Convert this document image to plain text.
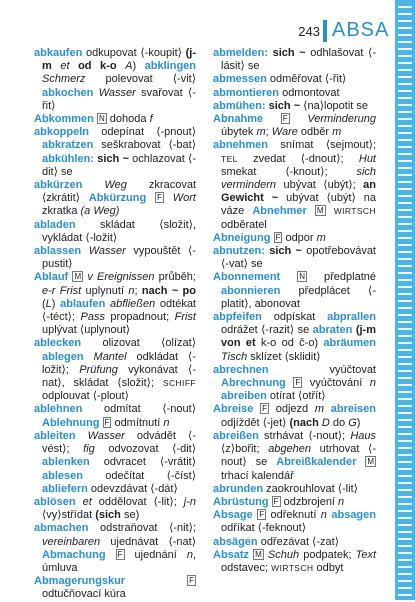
243 ABSA

abkaufen odkupovat ⟨-koupit⟩ (j-m et od k-o A) abklingen Schmerz polevovat ⟨-vit⟩ abkochen Wasser svařovat ⟨-řit⟩

Abkommen N dohoda f

abkoppeln odepínat ⟨-pnout⟩ abkratzen seškrabovat ⟨-bat⟩ abkühlen: sich ~ ochlazovat ⟨-dit⟩ se

abkürzen Weg zkracovat ⟨zkrátit⟩ Abkürzung F Wort zkratka (a Weg)

abladen skládat ⟨složit⟩, vykládat ⟨-ložit⟩

ablassen Wasser vypouštět ⟨-pustit⟩

Ablauf M v Ereignissen průběh; e-r Frist uplynutí n; nach ~ po (L) ablaufen abfließen odtékat ⟨-téct⟩; Pass propadnout; Frist uplývat ⟨uplynout⟩

ablecken olizovat ⟨olízat⟩ ablegen Mantel odkládat ⟨-ložit⟩; Prüfung vykonávat ⟨-nat⟩, skládat ⟨složit⟩; SCHIFF odplouvat ⟨-plout⟩

ablehnen odmítat ⟨-nout⟩ Ablehnung F odmítnutí n

ableiten Wasser odvádět ⟨-vést⟩; fig odvozovat ⟨-dit⟩ ablenken odvracet ⟨-vrátit⟩ ablesen odečítat ⟨-číst⟩ abliefern odevzdávat ⟨-dát⟩

ablösen et oddělovat ⟨-lit⟩; j-n ⟨vy⟩střídat (sich se)

abmachen odstraňovat ⟨-nit⟩; vereinbaren ujednávat ⟨-nat⟩ Abmachung F ujednání n, úmluva

Abmagerungskur	F odtučňovací kúra

abmelden: sich ~ odhlašovat ⟨-lásit⟩ se

abmessen odměřovat ⟨-řit⟩

abmontieren odmontovat

abmühen: sich ~ ⟨na⟩lopotit se

Abnahme F Verminderung úbytek m; Ware odběr m

abnehmen snímat ⟨sejmout⟩; TEL zvedat ⟨-dnout⟩; Hut smekat ⟨-knout⟩; sich vermindern ubývat ⟨ubýt⟩; an Gewicht ~ ubývat ⟨ubýt⟩ na váze Abnehmer M WIRTSCH odběratel

Abneigung F odpor m

abnutzen: sich ~ opotřebovávat ⟨-vat⟩ se

Abonnement N předplatné abonnieren předplácet ⟨-platit⟩, abonovat

abpfeifen odpískat abprallen odrážet ⟨-razit⟩ se abraten (j-m von et k-o od č-o) abräumen Tisch sklízet ⟨sklidit⟩

abrechnen vyúčtovat Abrechnung F vyúčtování n abreiben otírat ⟨otřít⟩

Abreise F odjezd m abreisen odjíždět ⟨-jet⟩ (nach D do G)

abreißen strhávat ⟨-nout⟩; Haus ⟨z⟩bořit; abgehen utrhovat ⟨-nout⟩ se Abreißkalender M trhací kalendář

abrunden zaokrouhlovat ⟨-lit⟩

Abrüstung F odzbrojení n

Absage F odřeknutí n absagen odříkat ⟨-feknout⟩

absägen odřezávat ⟨-zat⟩

Absatz M Schuh podpatek; Text odstavec; WIRTSCH odbyt
